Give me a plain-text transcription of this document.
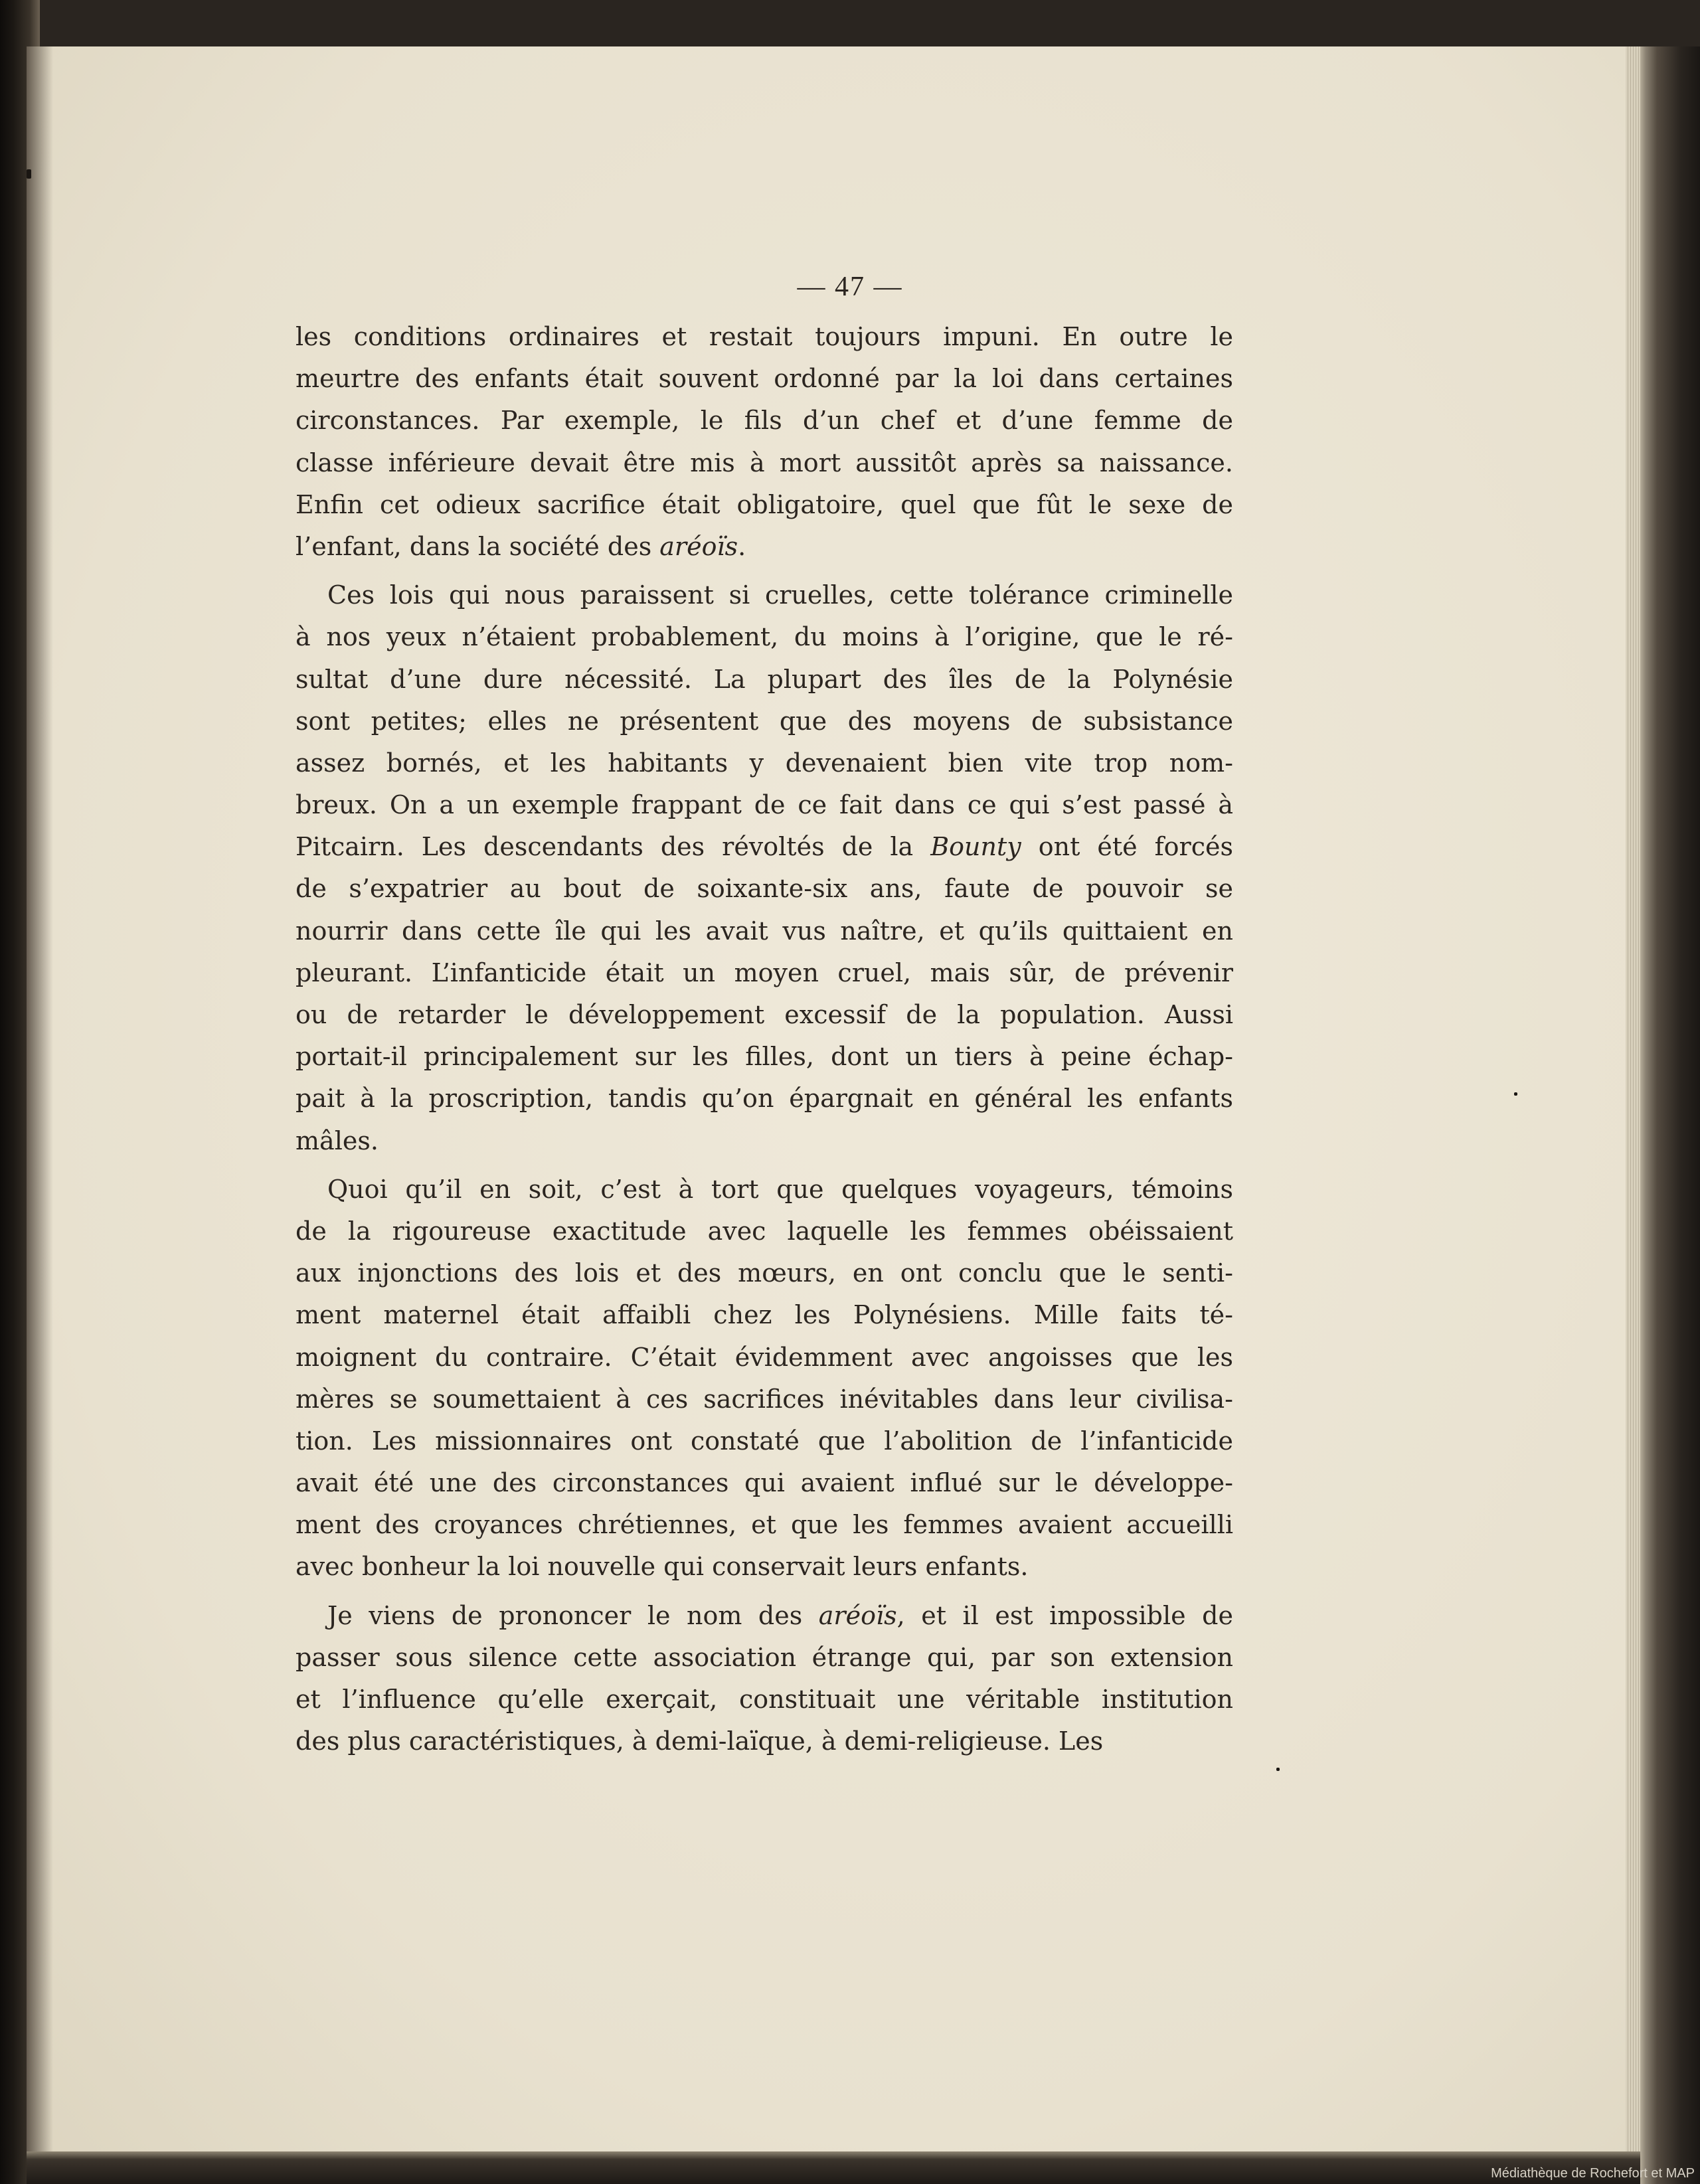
— 47 —
les conditions ordinaires et restait toujours impuni. En outre le
meurtre des enfants était souvent ordonné par la loi dans certaines
circonstances. Par exemple, le fils d’un chef et d’une femme de
classe inférieure devait être mis à mort aussitôt après sa naissance.
Enfin cet odieux sacrifice était obligatoire, quel que fût le sexe de
l’enfant, dans la société des aréoïs.
Ces lois qui nous paraissent si cruelles, cette tolérance criminelle
à nos yeux n’étaient probablement, du moins à l’origine, que le ré-
sultat d’une dure nécessité. La plupart des îles de la Polynésie
sont petites; elles ne présentent que des moyens de subsistance
assez bornés, et les habitants y devenaient bien vite trop nom-
breux. On a un exemple frappant de ce fait dans ce qui s’est passé à
Pitcairn. Les descendants des révoltés de la Bounty ont été forcés
de s’expatrier au bout de soixante-six ans, faute de pouvoir se
nourrir dans cette île qui les avait vus naître, et qu’ils quittaient en
pleurant. L’infanticide était un moyen cruel, mais sûr, de prévenir
ou de retarder le développement excessif de la population. Aussi
portait-il principalement sur les filles, dont un tiers à peine échap-
pait à la proscription, tandis qu’on épargnait en général les enfants
mâles.
Quoi qu’il en soit, c’est à tort que quelques voyageurs, témoins
de la rigoureuse exactitude avec laquelle les femmes obéissaient
aux injonctions des lois et des mœurs, en ont conclu que le senti-
ment maternel était affaibli chez les Polynésiens. Mille faits té-
moignent du contraire. C’était évidemment avec angoisses que les
mères se soumettaient à ces sacrifices inévitables dans leur civilisa-
tion. Les missionnaires ont constaté que l’abolition de l’infanticide
avait été une des circonstances qui avaient influé sur le développe-
ment des croyances chrétiennes, et que les femmes avaient accueilli
avec bonheur la loi nouvelle qui conservait leurs enfants.
Je viens de prononcer le nom des aréoïs, et il est impossible de
passer sous silence cette association étrange qui, par son extension
et l’influence qu’elle exerçait, constituait une véritable institution
des plus caractéristiques, à demi-laïque, à demi-religieuse. Les
Médiathèque de Rochefort et MAP
